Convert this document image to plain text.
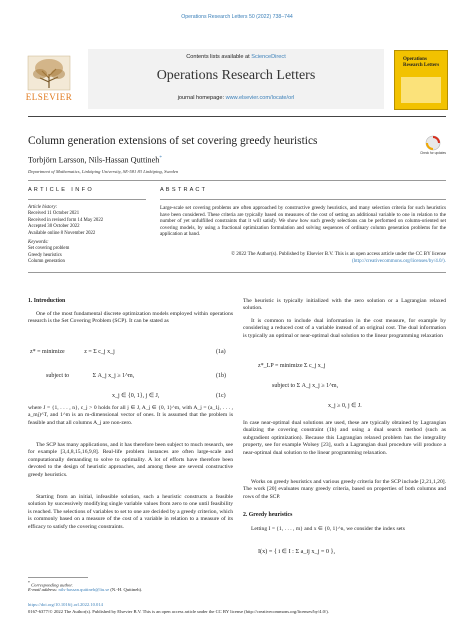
Operations Research Letters 50 (2022) 738–744
ELSEVIER
Contents lists available at ScienceDirect
Operations Research Letters
journal homepage: www.elsevier.com/locate/orl
Operations Research Letters
Column generation extensions of set covering greedy heuristics
Check for updates
Torbjörn Larsson, Nils-Hassan Quttineh*
Department of Mathematics, Linköping University, SE-581 83 Linköping, Sweden
A R T I C L E   I N F O
Article history:
Received 11 October 2021
Received in revised form 14 May 2022
Accepted 30 October 2022
Available online 8 November 2022
Keywords:
Set covering problem
Greedy heuristics
Column generation
A B S T R A C T
Large-scale set covering problems are often approached by constructive greedy heuristics, and many selection criteria for such heuristics have been considered. These criteria are typically based on measures of the cost of setting an additional variable to one in relation to the number of yet unfulfilled constraints that it will satisfy. We show how such greedy selections can be performed on column-oriented set covering models, by using a fractional optimization formulation and solving sequences of ordinary column generation problems for the application at hand.
© 2022 The Author(s). Published by Elsevier B.V. This is an open access article under the CC BY license
(http://creativecommons.org/licenses/by/4.0/).
1. Introduction
One of the most fundamental discrete optimization models employed within operations research is the Set Covering Problem (SCP). It can be stated as
z* = minimize	z = Σ c_j x_j	(1a)
subject to	Σ A_j x_j ≥ 1^m,	(1b)
x_j ∈ {0, 1}, j ∈ J,	(1c)
where J = {1, . . . , n}, c_j > 0 holds for all j ∈ J, A_j ∈ {0, 1}^m, with A_j = (a_1j, . . . , a_mj)^T, and 1^m is an m-dimensional vector of ones. It is assumed that the problem is feasible and that all columns A_j are non-zero.
The SCP has many applications, and it has therefore been subject to much research, see for example [3,4,8,15,16,9,8]. Real-life problem instances are often large-scale and computationally demanding to solve to optimality. A lot of efforts have therefore been devoted to the design of heuristic approaches, and among these are several constructive greedy heuristics.
Starting from an initial, infeasible solution, such a heuristic constructs a feasible solution by successively modifying single variable values from zero to one until feasibility is reached. The selections of variables to set to one are decided by a greedy criterion, which is commonly based on a measure of the cost of a variable in relation to a measure of its efficacy to satisfy the covering constraints.
* Corresponding author.
E-mail address: nils-hassan.quttineh@liu.se (N.-H. Quttineh).
The heuristic is typically initialized with the zero solution or a Lagrangian relaxed solution.
It is common to include dual information in the cost measure, for example by considering a reduced cost of a variable instead of an original cost. The dual information is typically an optimal or near-optimal dual solution to the linear programming relaxation
z*_LP = minimize Σ c_j x_j
subject to Σ A_j x_j ≥ 1^m,
x_j ≥ 0, j ∈ J.
In case near-optimal dual solutions are used, these are typically obtained by Lagrangian dualizing the covering constraint (1b) and using a dual search method (such as subgradient optimization). Because this Lagrangian relaxed problem has the integrality property, see for example Wolsey [23], such a Lagrangian dual procedure will produce a near-optimal dual solution to the linear programming relaxation.
Works on greedy heuristics and various greedy criteria for the SCP include [2,21,1,20]. The work [20] evaluates many greedy criteria, based on properties of both columns and rows of the SCP.
2. Greedy heuristics
Letting I = {1, . . . , m} and x ∈ {0, 1}^n, we consider the index sets
I(x) = { i ∈ I : Σ a_ij x_j = 0 },
https://doi.org/10.1016/j.orl.2022.10.014
0167-6377/© 2022 The Author(s). Published by Elsevier B.V. This is an open access article under the CC BY license (http://creativecommons.org/licenses/by/4.0/).
